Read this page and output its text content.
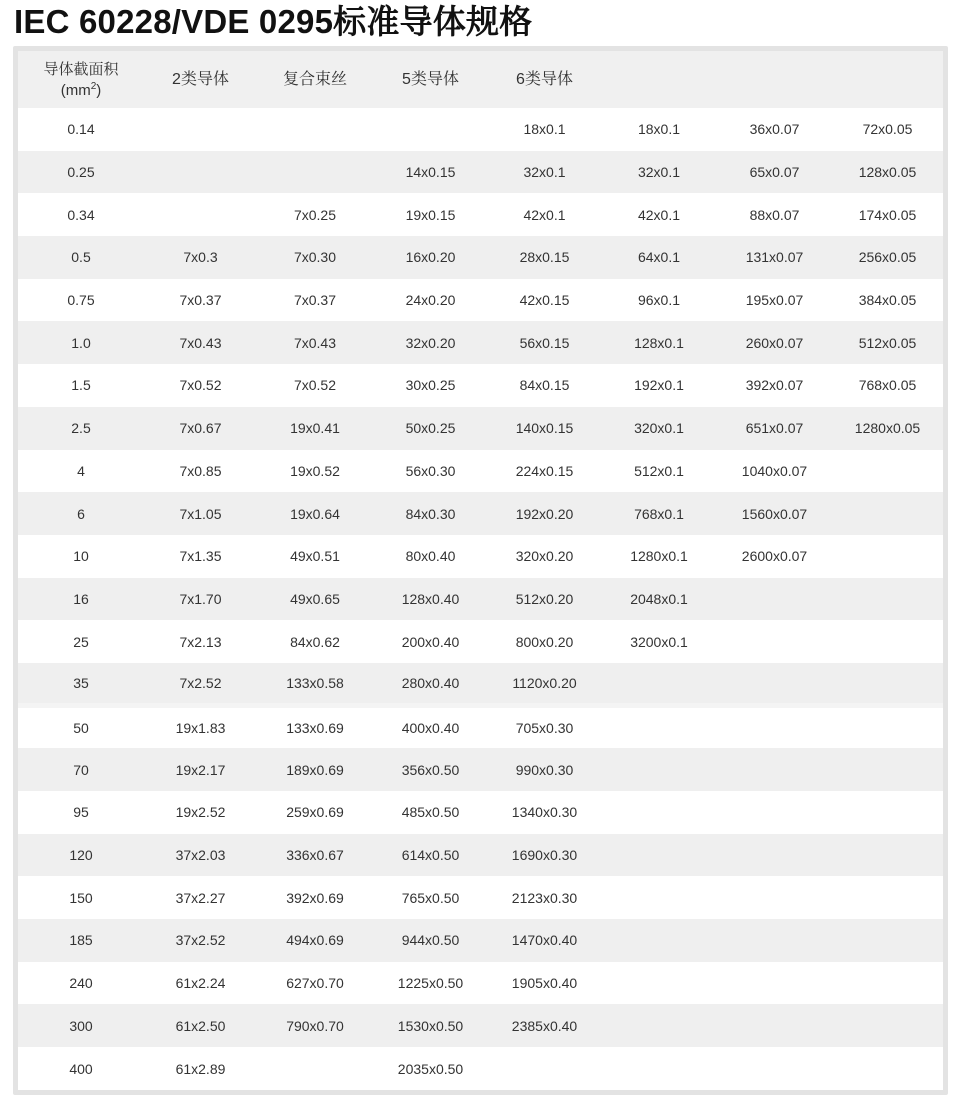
IEC 60228/VDE 0295标准导体规格
导体截面积
$(mm^2)$	2类导体	复合束丝	5类导体	6类导体			
0.14				18x0.1	18x0.1	36x0.07	72x0.05
0.25			14x0.15	32x0.1	32x0.1	65x0.07	128x0.05
0.34		7x0.25	19x0.15	42x0.1	42x0.1	88x0.07	174x0.05
0.5	7x0.3	7x0.30	16x0.20	28x0.15	64x0.1	131x0.07	256x0.05
0.75	7x0.37	7x0.37	24x0.20	42x0.15	96x0.1	195x0.07	384x0.05
1.0	7x0.43	7x0.43	32x0.20	56x0.15	128x0.1	260x0.07	512x0.05
1.5	7x0.52	7x0.52	30x0.25	84x0.15	192x0.1	392x0.07	768x0.05
2.5	7x0.67	19x0.41	50x0.25	140x0.15	320x0.1	651x0.07	1280x0.05
4	7x0.85	19x0.52	56x0.30	224x0.15	512x0.1	1040x0.07	
6	7x1.05	19x0.64	84x0.30	192x0.20	768x0.1	1560x0.07	
10	7x1.35	49x0.51	80x0.40	320x0.20	1280x0.1	2600x0.07	
16	7x1.70	49x0.65	128x0.40	512x0.20	2048x0.1		
25	7x2.13	84x0.62	200x0.40	800x0.20	3200x0.1		
35	7x2.52	133x0.58	280x0.40	1120x0.20			
50	19x1.83	133x0.69	400x0.40	705x0.30			
70	19x2.17	189x0.69	356x0.50	990x0.30			
95	19x2.52	259x0.69	485x0.50	1340x0.30			
120	37x2.03	336x0.67	614x0.50	1690x0.30			
150	37x2.27	392x0.69	765x0.50	2123x0.30			
185	37x2.52	494x0.69	944x0.50	1470x0.40			
240	61x2.24	627x0.70	1225x0.50	1905x0.40			
300	61x2.50	790x0.70	1530x0.50	2385x0.40			
400	61x2.89		2035x0.50				
